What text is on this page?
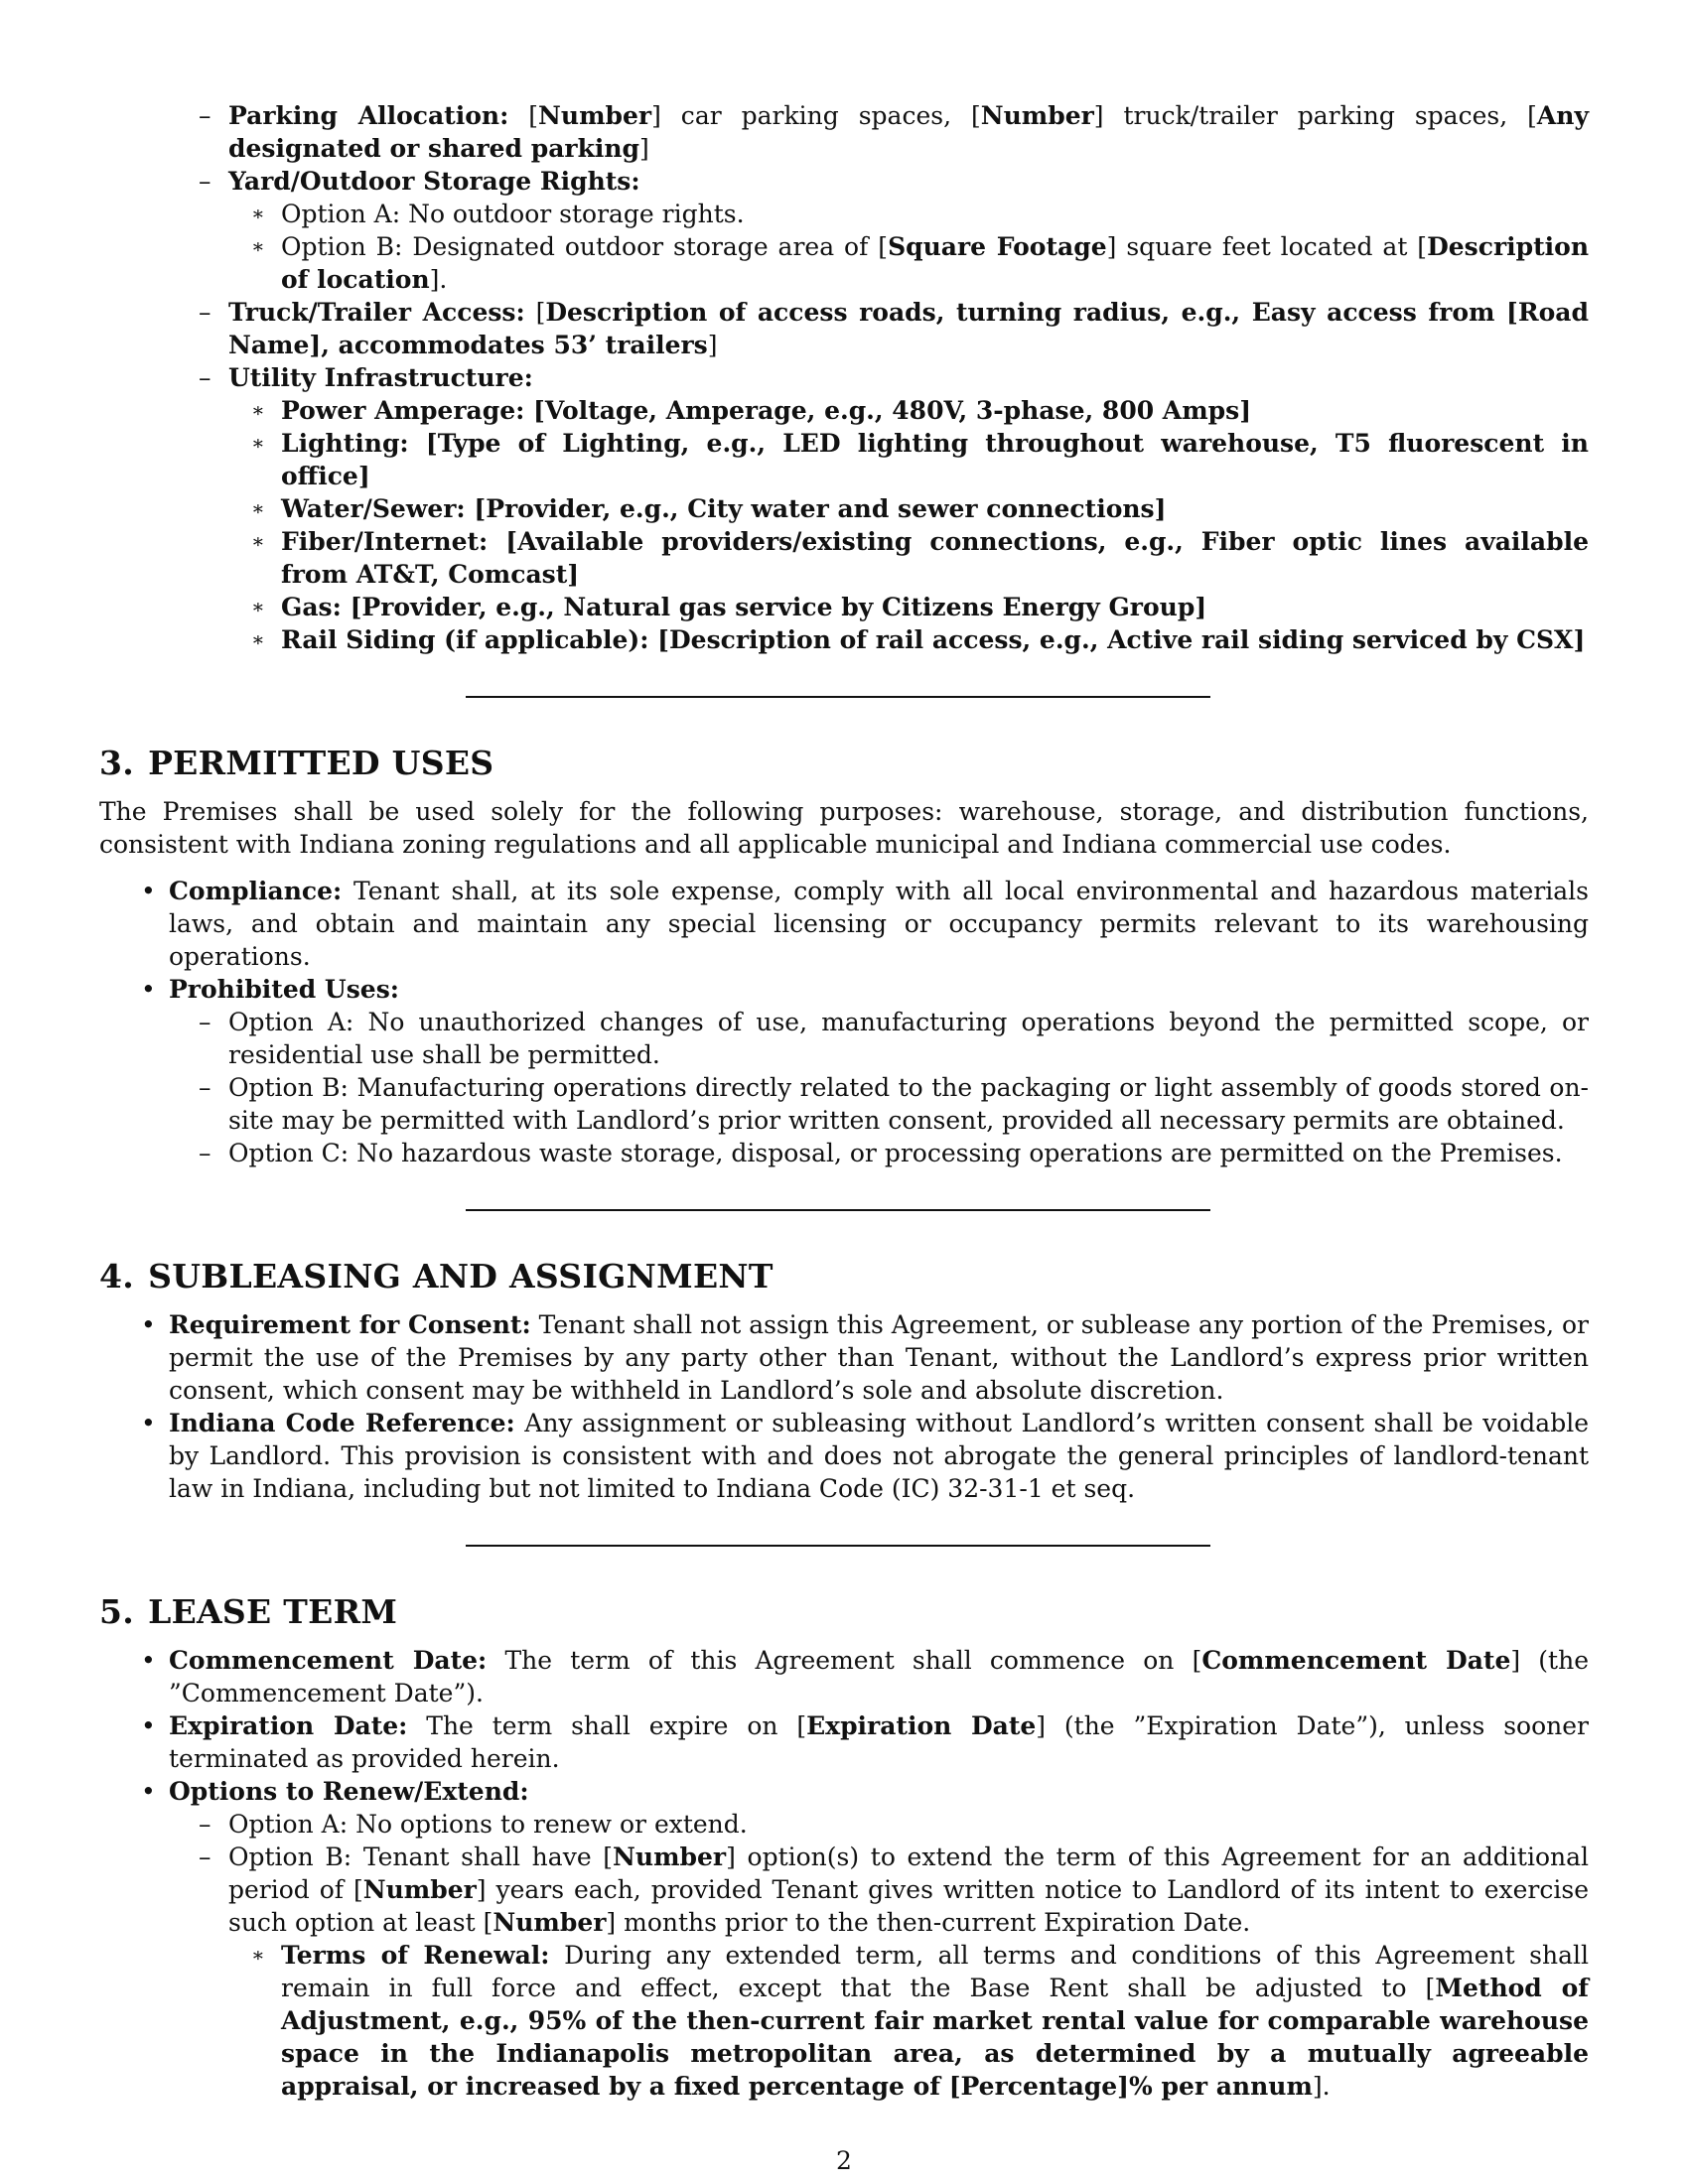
– Parking Allocation: [Number] car parking spaces, [Number] truck/trailer parking spaces, [Any designated or shared parking]
– Yard/Outdoor Storage Rights:
∗ Option A: No outdoor storage rights.
∗ Option B: Designated outdoor storage area of [Square Footage] square feet located at [Description of location].
– Truck/Trailer Access: [Description of access roads, turning radius, e.g., Easy access from [Road Name], accommodates 53’ trailers]
– Utility Infrastructure:
∗ Power Amperage: [Voltage, Amperage, e.g., 480V, 3-phase, 800 Amps]
∗ Lighting: [Type of Lighting, e.g., LED lighting throughout warehouse, T5 fluorescent in office]
∗ Water/Sewer: [Provider, e.g., City water and sewer connections]
∗ Fiber/Internet: [Available providers/existing connections, e.g., Fiber optic lines available from AT&T, Comcast]
∗ Gas: [Provider, e.g., Natural gas service by Citizens Energy Group]
∗ Rail Siding (if applicable): [Description of rail access, e.g., Active rail siding serviced by CSX]
3. PERMITTED USES
The Premises shall be used solely for the following purposes: warehouse, storage, and distribution functions, consistent with Indiana zoning regulations and all applicable municipal and Indiana commercial use codes.
• Compliance: Tenant shall, at its sole expense, comply with all local environmental and hazardous materials laws, and obtain and maintain any special licensing or occupancy permits relevant to its warehousing operations.
• Prohibited Uses:
– Option A: No unauthorized changes of use, manufacturing operations beyond the permitted scope, or residential use shall be permitted.
– Option B: Manufacturing operations directly related to the packaging or light assembly of goods stored on-site may be permitted with Landlord’s prior written consent, provided all necessary permits are obtained.
– Option C: No hazardous waste storage, disposal, or processing operations are permitted on the Premises.
4. SUBLEASING AND ASSIGNMENT
• Requirement for Consent: Tenant shall not assign this Agreement, or sublease any portion of the Premises, or permit the use of the Premises by any party other than Tenant, without the Landlord’s express prior written consent, which consent may be withheld in Landlord’s sole and absolute discretion.
• Indiana Code Reference: Any assignment or subleasing without Landlord’s written consent shall be voidable by Landlord. This provision is consistent with and does not abrogate the general principles of landlord-tenant law in Indiana, including but not limited to Indiana Code (IC) 32-31-1 et seq.
5. LEASE TERM
• Commencement Date: The term of this Agreement shall commence on [Commencement Date] (the ”Commencement Date”).
• Expiration Date: The term shall expire on [Expiration Date] (the ”Expiration Date”), unless sooner terminated as provided herein.
• Options to Renew/Extend:
– Option A: No options to renew or extend.
– Option B: Tenant shall have [Number] option(s) to extend the term of this Agreement for an additional period of [Number] years each, provided Tenant gives written notice to Landlord of its intent to exercise such option at least [Number] months prior to the then-current Expiration Date.
∗ Terms of Renewal: During any extended term, all terms and conditions of this Agreement shall remain in full force and effect, except that the Base Rent shall be adjusted to [Method of Adjustment, e.g., 95% of the then-current fair market rental value for comparable warehouse space in the Indianapolis metropolitan area, as determined by a mutually agreeable appraisal, or increased by a fixed percentage of [Percentage]% per annum].
2
